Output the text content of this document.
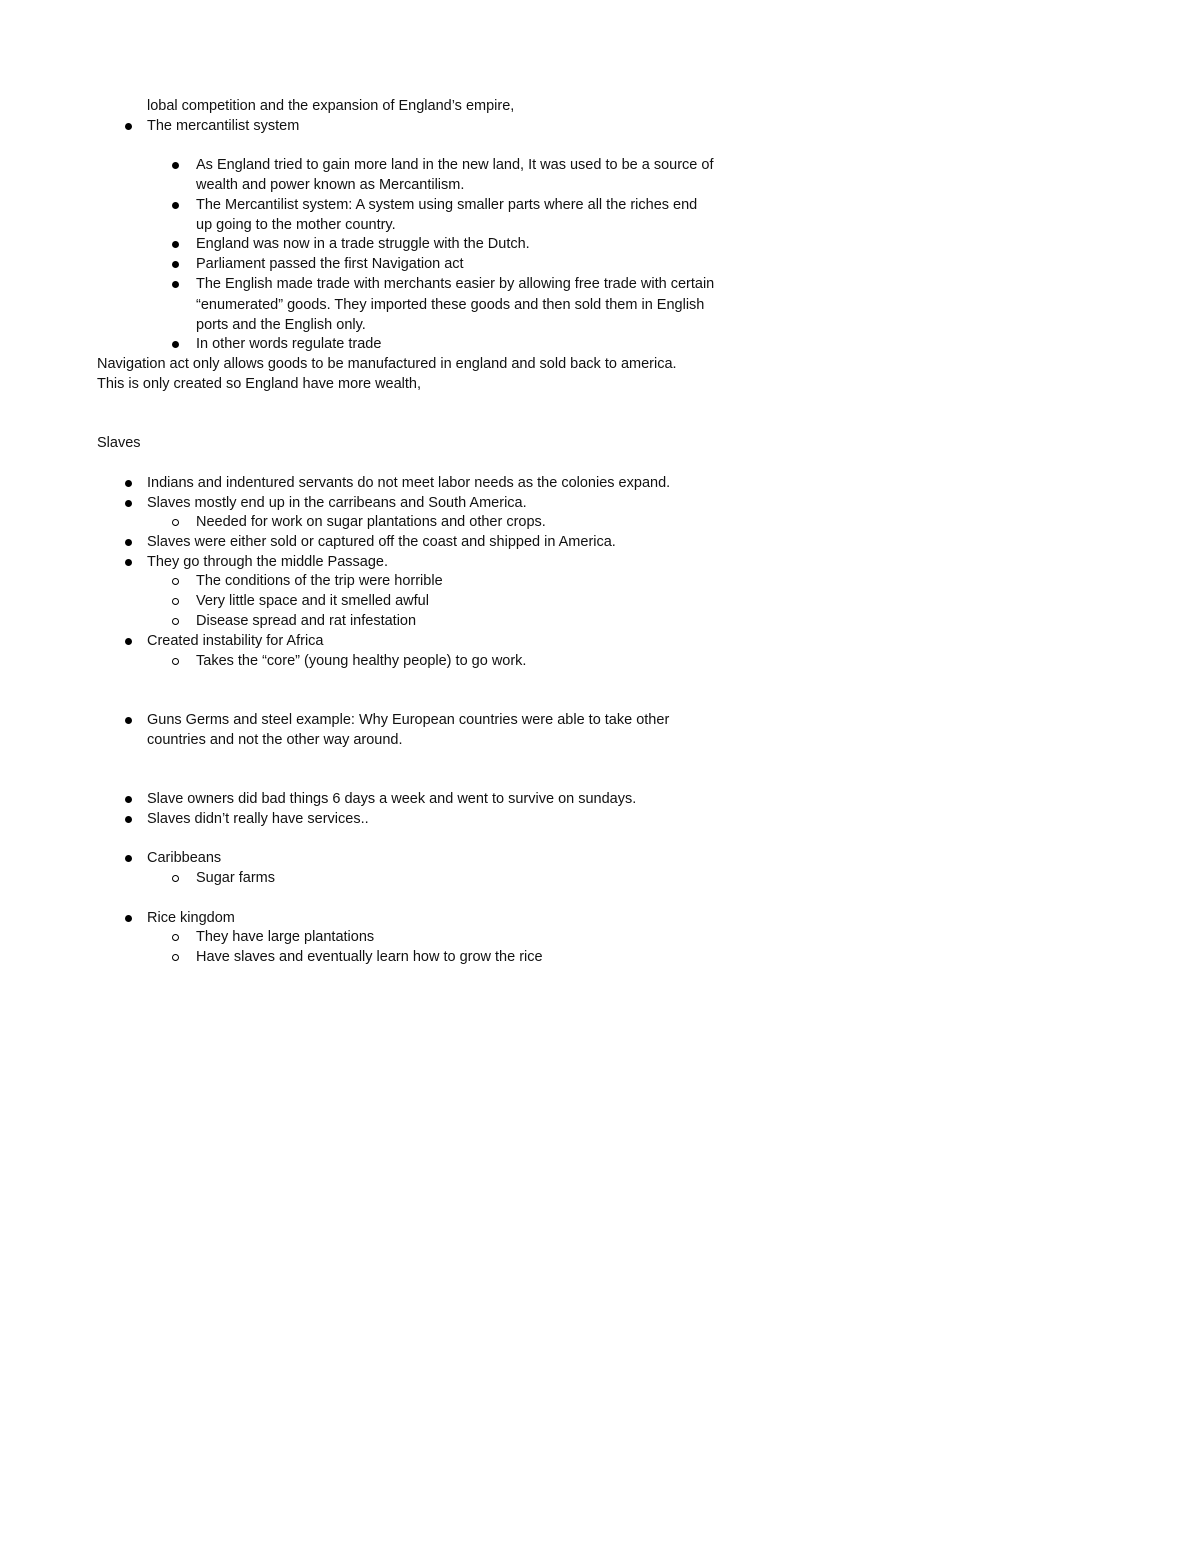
lobal competition and the expansion of England’s empire,
The mercantilist system
As England tried to gain more land in the new land, It was used to be a source of
wealth and power known as Mercantilism.
The Mercantilist system: A system using smaller parts where all the riches end
up going to the mother country.
England was now in a trade struggle with the Dutch.
Parliament passed the first Navigation act
The English made trade with merchants easier by allowing free trade with certain
“enumerated” goods. They imported these goods and then sold them in English
ports and the English only.
In other words regulate trade
Navigation act only allows goods to be manufactured in england and sold back to america.
This is only created so England have more wealth,
Slaves
Indians and indentured servants do not meet labor needs as the colonies expand.
Slaves mostly end up in the carribeans and South America.
Needed for work on sugar plantations and other crops.
Slaves were either sold or captured off the coast and shipped in America.
They go through the middle Passage.
The conditions of the trip were horrible
Very little space and it smelled awful
Disease spread and rat infestation
Created instability for Africa
Takes the “core” (young healthy people) to go work.
Guns Germs and steel example: Why European countries were able to take other
countries and not the other way around.
Slave owners did bad things 6 days a week and went to survive on sundays.
Slaves didn’t really have services..
Caribbeans
Sugar farms
Rice kingdom
They have large plantations
Have slaves and eventually learn how to grow the rice
